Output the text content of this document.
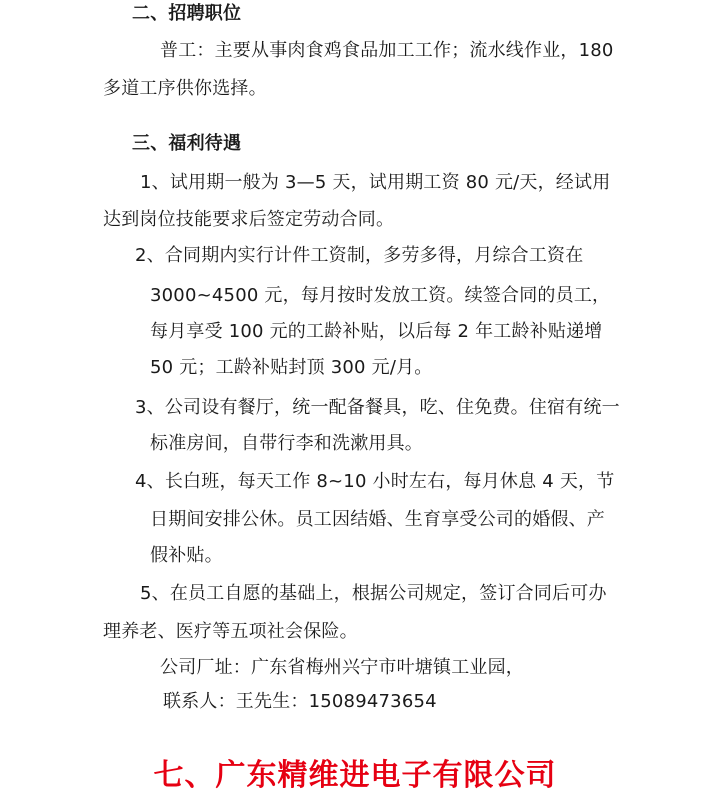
二、招聘职位
普工：主要从事肉食鸡食品加工工作；流水线作业，180
多道工序供你选择。
三、福利待遇
1、试用期一般为 3—5 天，试用期工资 80 元/天，经试用
达到岗位技能要求后签定劳动合同。
2、合同期内实行计件工资制，多劳多得，月综合工资在
3000~4500 元，每月按时发放工资。续签合同的员工，
每月享受 100 元的工龄补贴，以后每 2 年工龄补贴递增
50 元；工龄补贴封顶 300 元/月。
3、公司设有餐厅，统一配备餐具，吃、住免费。住宿有统一
标准房间，自带行李和洗漱用具。
4、长白班，每天工作 8~10 小时左右，每月休息 4 天，节
日期间安排公休。员工因结婚、生育享受公司的婚假、产
假补贴。
5、在员工自愿的基础上，根据公司规定，签订合同后可办
理养老、医疗等五项社会保险。
公司厂址：广东省梅州兴宁市叶塘镇工业园，
联系人：王先生：15089473654
七、广东精维进电子有限公司
